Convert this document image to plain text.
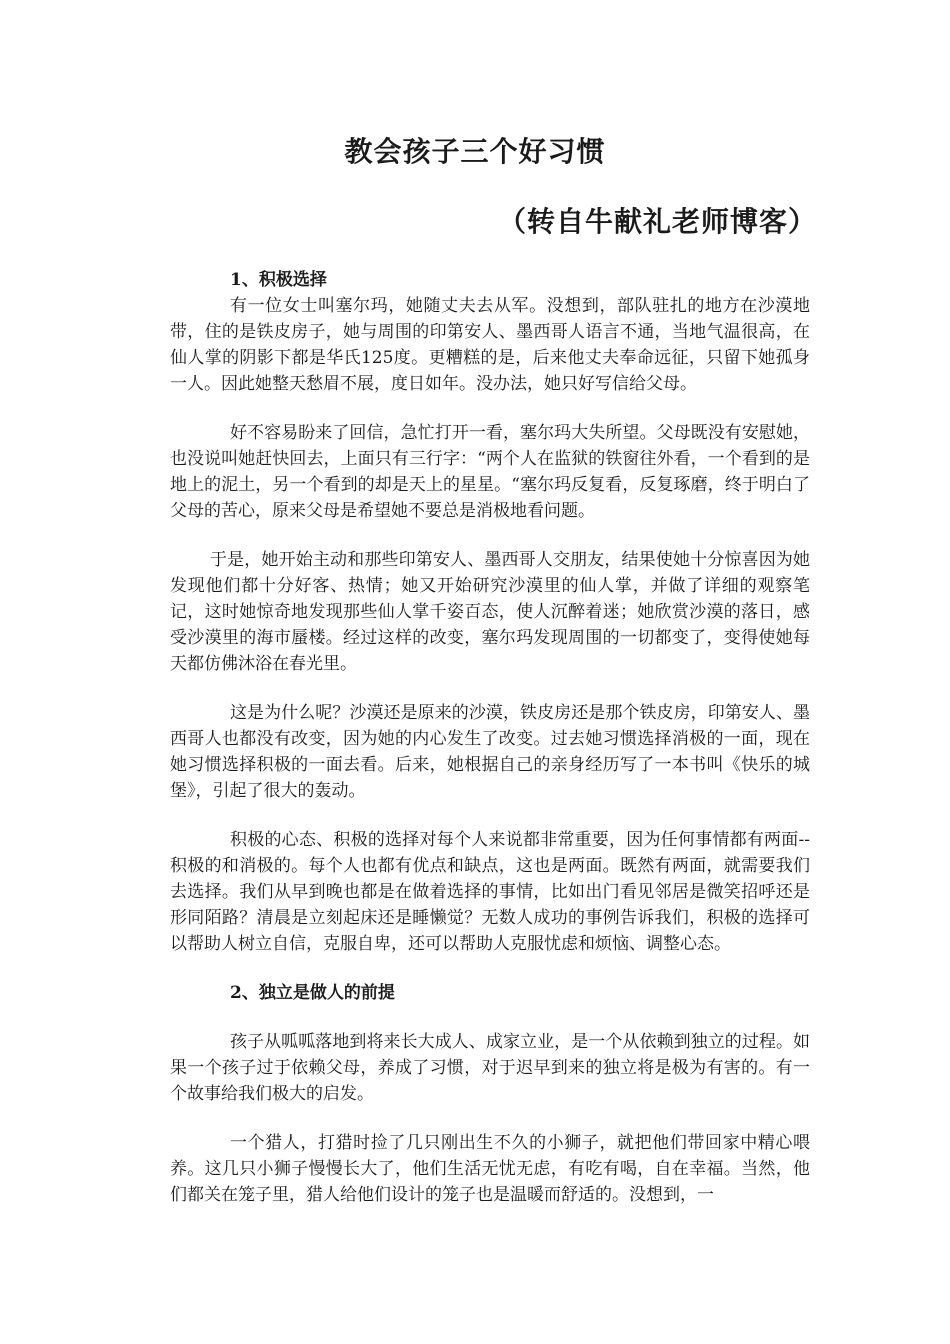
教会孩子三个好习惯
（转自牛献礼老师博客）

1、积极选择

有一位女士叫塞尔玛，她随丈夫去从军。没想到，部队驻扎的地方在沙漠地带，住的是铁皮房子，她与周围的印第安人、墨西哥人语言不通，当地气温很高，在仙人掌的阴影下都是华氏125度。更糟糕的是，后来他丈夫奉命远征，只留下她孤身一人。因此她整天愁眉不展，度日如年。没办法，她只好写信给父母。

好不容易盼来了回信，急忙打开一看，塞尔玛大失所望。父母既没有安慰她，也没说叫她赶快回去，上面只有三行字：“两个人在监狱的铁窗往外看，一个看到的是地上的泥土，另一个看到的却是天上的星星。“塞尔玛反复看，反复琢磨，终于明白了父母的苦心，原来父母是希望她不要总是消极地看问题。

于是，她开始主动和那些印第安人、墨西哥人交朋友，结果使她十分惊喜因为她发现他们都十分好客、热情；她又开始研究沙漠里的仙人掌，并做了详细的观察笔记，这时她惊奇地发现那些仙人掌千姿百态，使人沉醉着迷；她欣赏沙漠的落日，感受沙漠里的海市蜃楼。经过这样的改变，塞尔玛发现周围的一切都变了，变得使她每天都仿佛沐浴在春光里。

这是为什么呢？沙漠还是原来的沙漠，铁皮房还是那个铁皮房，印第安人、墨西哥人也都没有改变，因为她的内心发生了改变。过去她习惯选择消极的一面，现在她习惯选择积极的一面去看。后来，她根据自己的亲身经历写了一本书叫《快乐的城堡》，引起了很大的轰动。

积极的心态、积极的选择对每个人来说都非常重要，因为任何事情都有两面--积极的和消极的。每个人也都有优点和缺点，这也是两面。既然有两面，就需要我们去选择。我们从早到晚也都是在做着选择的事情，比如出门看见邻居是微笑招呼还是形同陌路？清晨是立刻起床还是睡懒觉？无数人成功的事例告诉我们，积极的选择可以帮助人树立自信，克服自卑，还可以帮助人克服忧虑和烦恼、调整心态。

2、独立是做人的前提

孩子从呱呱落地到将来长大成人、成家立业，是一个从依赖到独立的过程。如果一个孩子过于依赖父母，养成了习惯，对于迟早到来的独立将是极为有害的。有一个故事给我们极大的启发。

一个猎人，打猎时捡了几只刚出生不久的小狮子，就把他们带回家中精心喂养。这几只小狮子慢慢长大了，他们生活无忧无虑，有吃有喝，自在幸福。当然，他们都关在笼子里，猎人给他们设计的笼子也是温暖而舒适的。没想到，一
